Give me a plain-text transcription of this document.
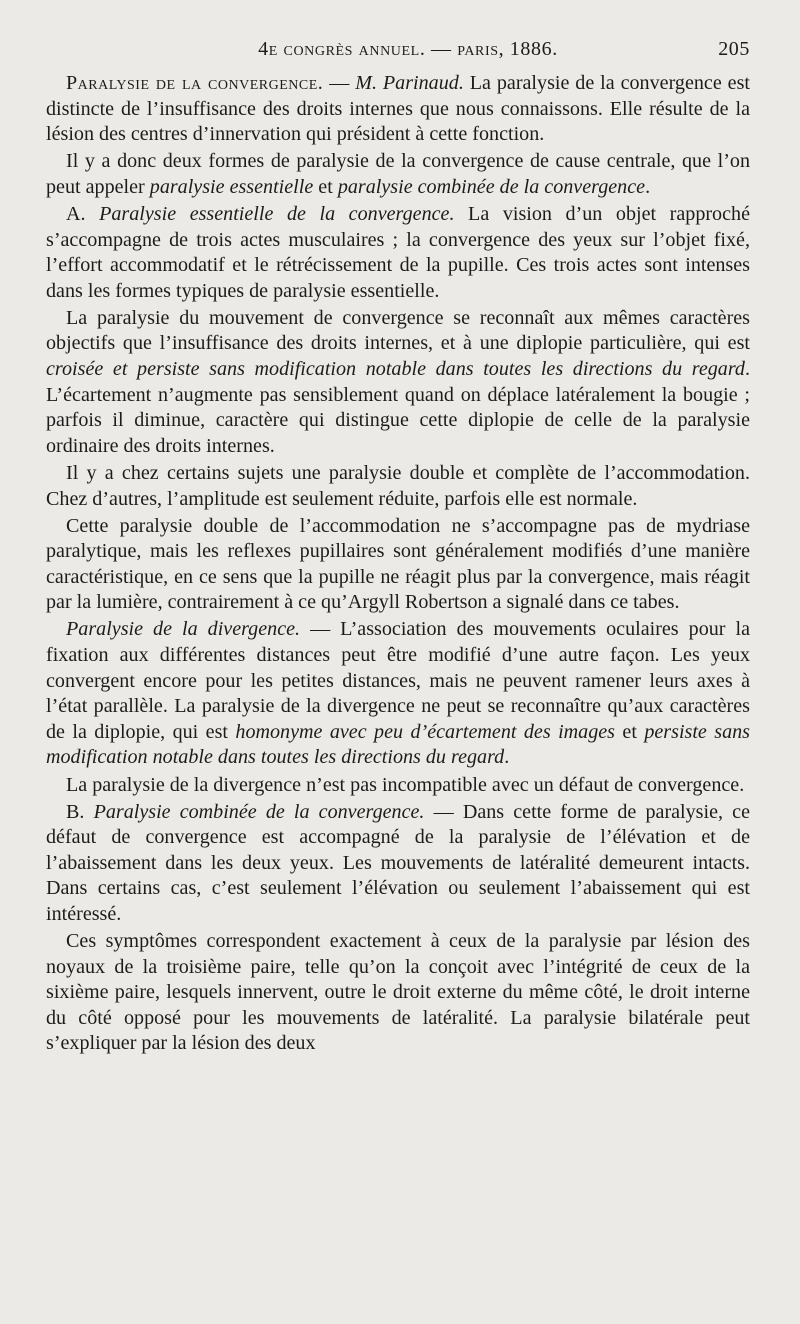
4e congrès annuel. — paris, 1886.	205

Paralysie de la convergence. — M. Parinaud. La paralysie de la convergence est distincte de l’insuffisance des droits internes que nous connaissons. Elle résulte de la lésion des centres d’innervation qui président à cette fonction.

Il y a donc deux formes de paralysie de la convergence de cause centrale, que l’on peut appeler paralysie essentielle et paralysie combinée de la convergence.

A. Paralysie essentielle de la convergence. La vision d’un objet rapproché s’accompagne de trois actes musculaires ; la convergence des yeux sur l’objet fixé, l’effort accommodatif et le rétrécissement de la pupille. Ces trois actes sont intenses dans les formes typiques de paralysie essentielle.

La paralysie du mouvement de convergence se reconnaît aux mêmes caractères objectifs que l’insuffisance des droits internes, et à une diplopie particulière, qui est croisée et persiste sans modification notable dans toutes les directions du regard. L’écartement n’augmente pas sensiblement quand on déplace latéralement la bougie ; parfois il diminue, caractère qui distingue cette diplopie de celle de la paralysie ordinaire des droits internes.

Il y a chez certains sujets une paralysie double et complète de l’accommodation. Chez d’autres, l’amplitude est seulement réduite, parfois elle est normale.

Cette paralysie double de l’accommodation ne s’accompagne pas de mydriase paralytique, mais les reflexes pupillaires sont généralement modifiés d’une manière caractéristique, en ce sens que la pupille ne réagit plus par la convergence, mais réagit par la lumière, contrairement à ce qu’Argyll Robertson a signalé dans ce tabes.

Paralysie de la divergence. — L’association des mouvements oculaires pour la fixation aux différentes distances peut être modifié d’une autre façon. Les yeux convergent encore pour les petites distances, mais ne peuvent ramener leurs axes à l’état parallèle. La paralysie de la divergence ne peut se reconnaître qu’aux caractères de la diplopie, qui est homonyme avec peu d’écartement des images et persiste sans modification notable dans toutes les directions du regard.

La paralysie de la divergence n’est pas incompatible avec un défaut de convergence.

B. Paralysie combinée de la convergence. — Dans cette forme de paralysie, ce défaut de convergence est accompagné de la paralysie de l’élévation et de l’abaissement dans les deux yeux. Les mouvements de latéralité demeurent intacts. Dans certains cas, c’est seulement l’élévation ou seulement l’abaissement qui est intéressé.

Ces symptômes correspondent exactement à ceux de la paralysie par lésion des noyaux de la troisième paire, telle qu’on la conçoit avec l’intégrité de ceux de la sixième paire, lesquels innervent, outre le droit externe du même côté, le droit interne du côté opposé pour les mouvements de latéralité. La paralysie bilatérale peut s’expliquer par la lésion des deux
